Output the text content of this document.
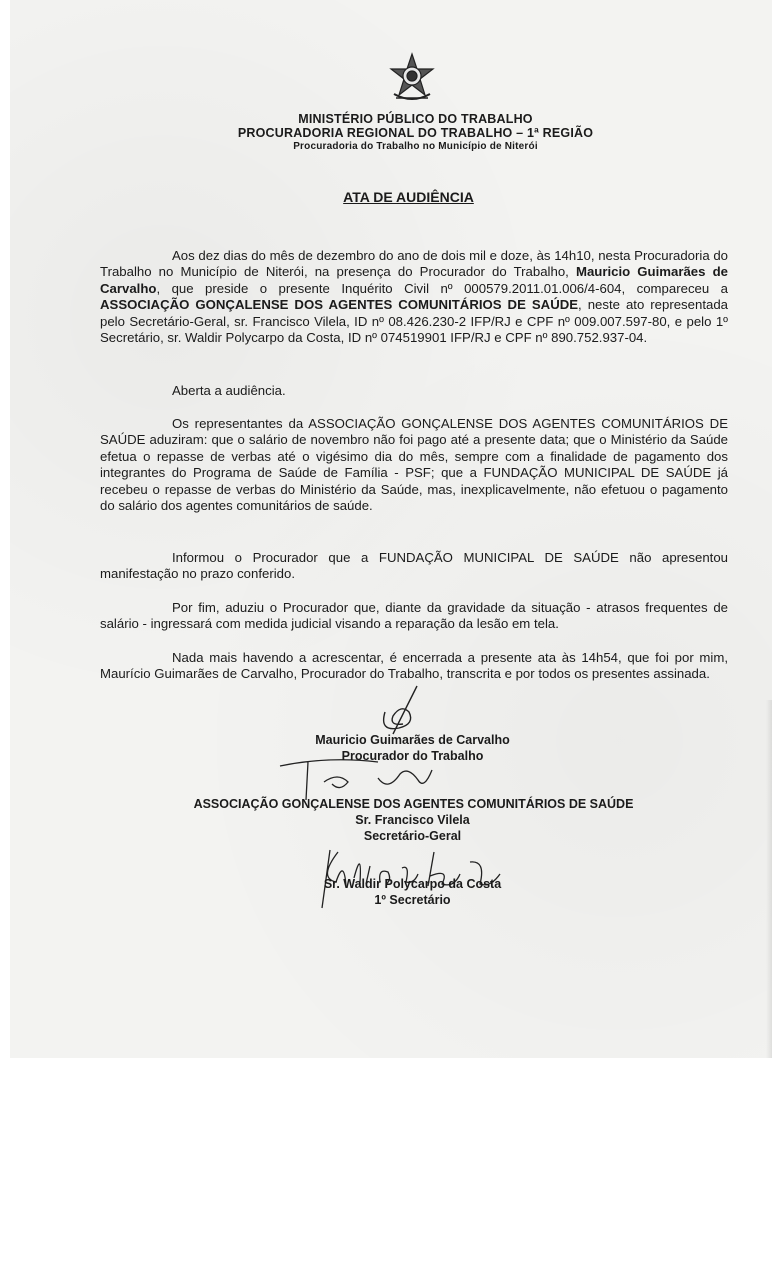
MINISTÉRIO PÚBLICO DO TRABALHO
PROCURADORIA REGIONAL DO TRABALHO – 1ª REGIÃO
Procuradoria do Trabalho no Município de Niterói
ATA DE AUDIÊNCIA
Aos dez dias do mês de dezembro do ano de dois mil e doze, às 14h10, nesta Procuradoria do Trabalho no Município de Niterói, na presença do Procurador do Trabalho, Mauricio Guimarães de Carvalho, que preside o presente Inquérito Civil nº 000579.2011.01.006/4-604, compareceu a ASSOCIAÇÃO GONÇALENSE DOS AGENTES COMUNITÁRIOS DE SAÚDE, neste ato representada pelo Secretário-Geral, sr. Francisco Vilela, ID nº 08.426.230-2 IFP/RJ e CPF nº 009.007.597-80, e pelo 1º Secretário, sr. Waldir Polycarpo da Costa, ID nº 074519901 IFP/RJ e CPF nº 890.752.937-04.
Aberta a audiência.
Os representantes da ASSOCIAÇÃO GONÇALENSE DOS AGENTES COMUNITÁRIOS DE SAÚDE aduziram: que o salário de novembro não foi pago até a presente data; que o Ministério da Saúde efetua o repasse de verbas até o vigésimo dia do mês, sempre com a finalidade de pagamento dos integrantes do Programa de Saúde de Família - PSF; que a FUNDAÇÃO MUNICIPAL DE SAÚDE já recebeu o repasse de verbas do Ministério da Saúde, mas, inexplicavelmente, não efetuou o pagamento do salário dos agentes comunitários de saúde.
Informou o Procurador que a FUNDAÇÃO MUNICIPAL DE SAÚDE não apresentou manifestação no prazo conferido.
Por fim, aduziu o Procurador que, diante da gravidade da situação - atrasos frequentes de salário - ingressará com medida judicial visando a reparação da lesão em tela.
Nada mais havendo a acrescentar, é encerrada a presente ata às 14h54, que foi por mim, Maurício Guimarães de Carvalho, Procurador do Trabalho, transcrita e por todos os presentes assinada.
Mauricio Guimarães de Carvalho
Procurador do Trabalho
ASSOCIAÇÃO GONÇALENSE DOS AGENTES COMUNITÁRIOS DE SAÚDE
Sr. Francisco Vilela
Secretário-Geral
Sr. Waldir Polycarpo da Costa
1º Secretário
